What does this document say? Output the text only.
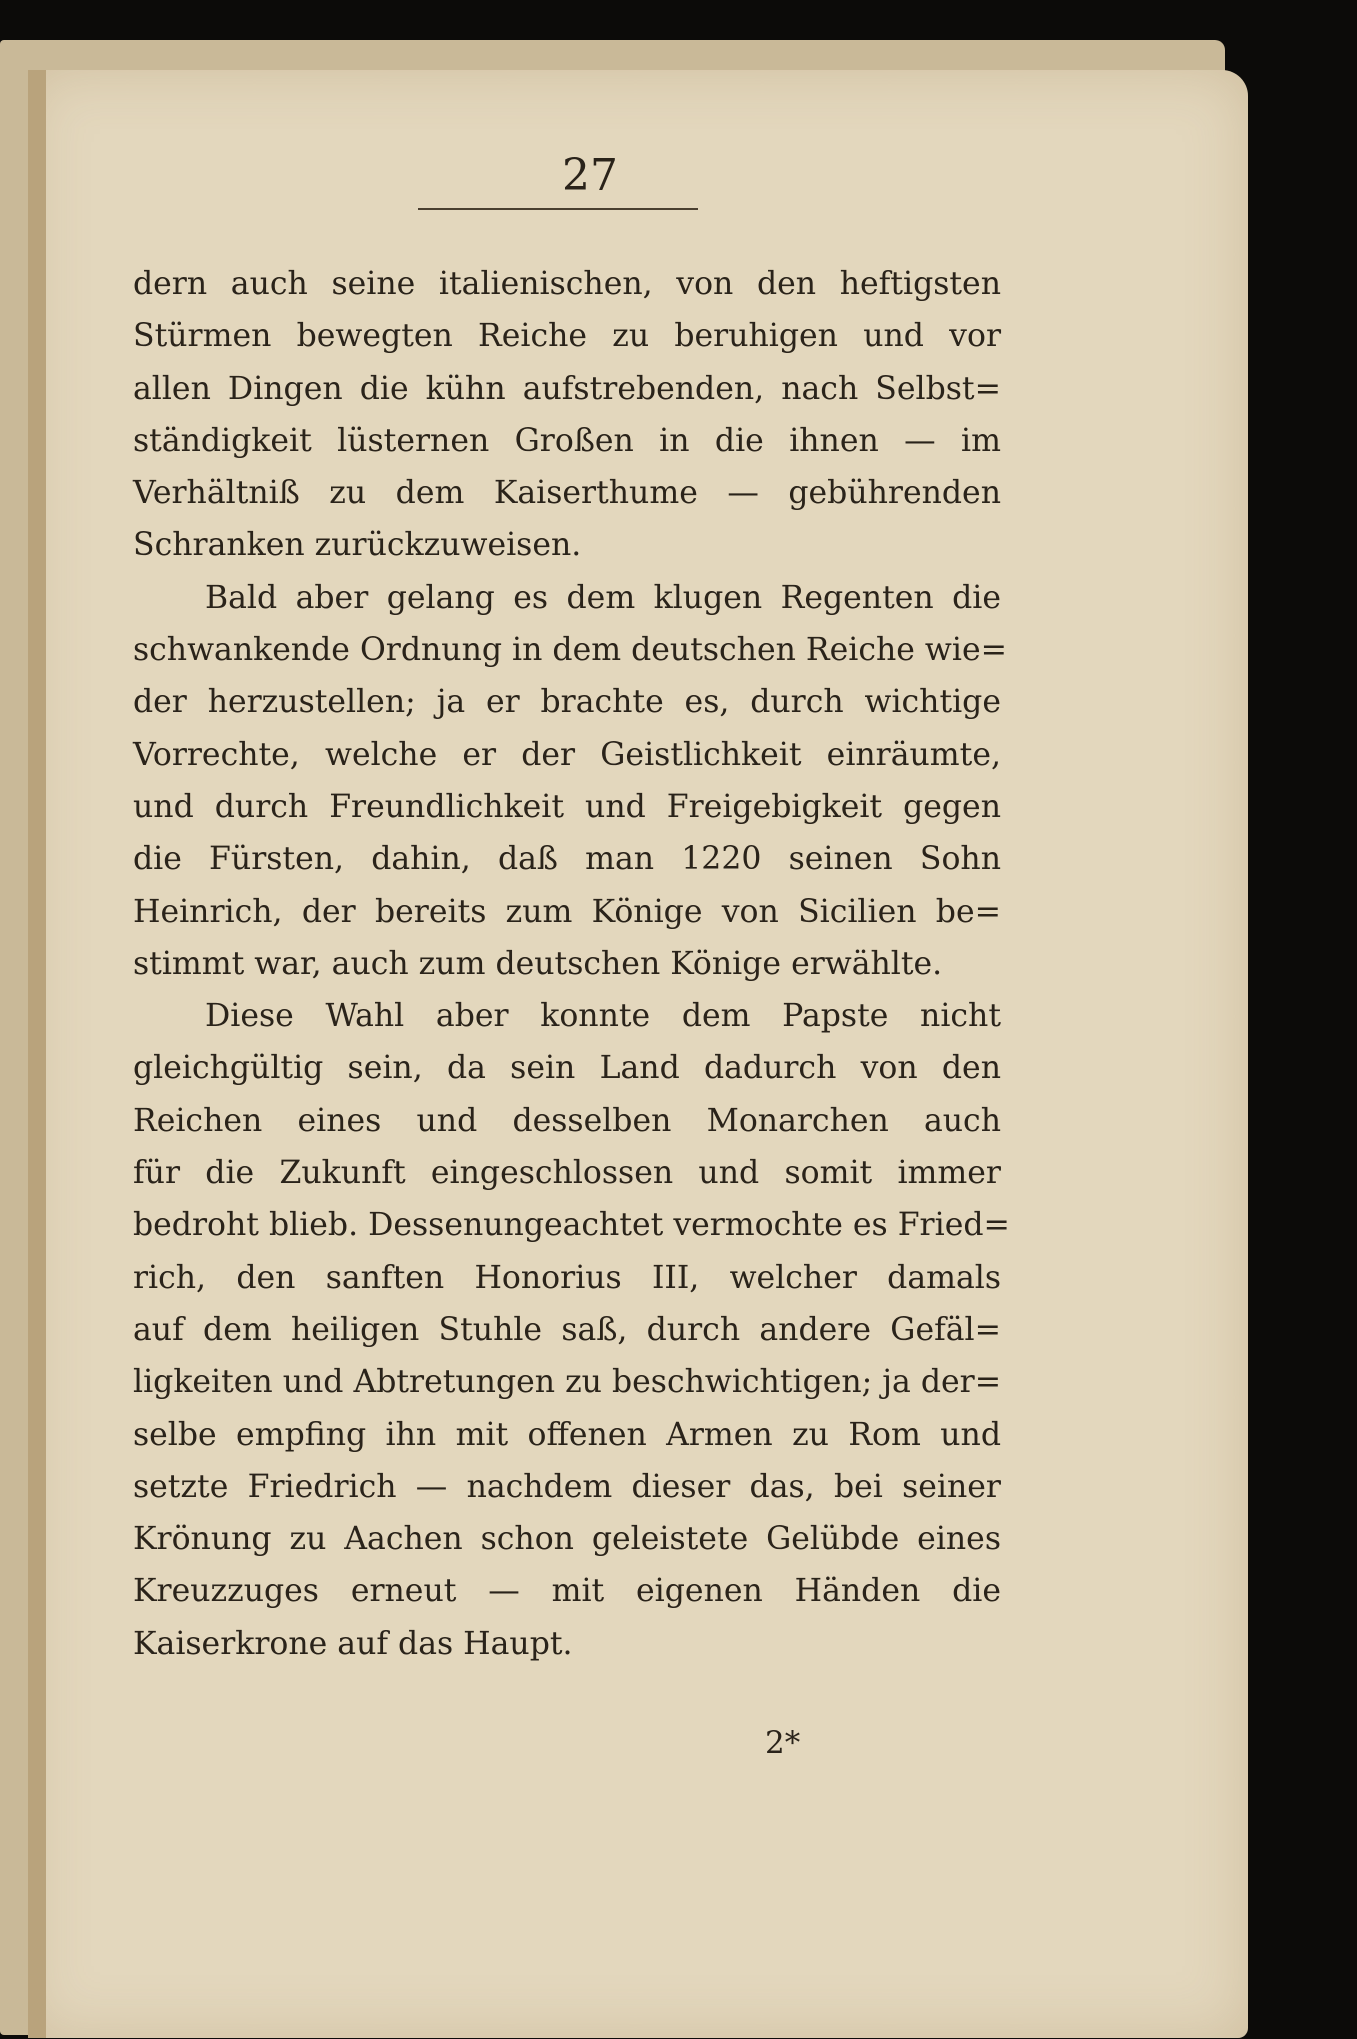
27
dern auch seine italienischen, von den heftigsten
Stürmen bewegten Reiche zu beruhigen und vor
allen Dingen die kühn aufstrebenden, nach Selbst=
ständigkeit lüsternen Großen in die ihnen — im
Verhältniß zu dem Kaiserthume — gebührenden
Schranken zurückzuweisen.
Bald aber gelang es dem klugen Regenten die
schwankende Ordnung in dem deutschen Reiche wie=
der herzustellen; ja er brachte es, durch wichtige
Vorrechte, welche er der Geistlichkeit einräumte,
und durch Freundlichkeit und Freigebigkeit gegen
die Fürsten, dahin, daß man 1220 seinen Sohn
Heinrich, der bereits zum Könige von Sicilien be=
stimmt war, auch zum deutschen Könige erwählte.
Diese Wahl aber konnte dem Papste nicht
gleichgültig sein, da sein Land dadurch von den
Reichen eines und desselben Monarchen auch
für die Zukunft eingeschlossen und somit immer
bedroht blieb. Dessenungeachtet vermochte es Fried=
rich, den sanften Honorius III, welcher damals
auf dem heiligen Stuhle saß, durch andere Gefäl=
ligkeiten und Abtretungen zu beschwichtigen; ja der=
selbe empfing ihn mit offenen Armen zu Rom und
setzte Friedrich — nachdem dieser das, bei seiner
Krönung zu Aachen schon geleistete Gelübde eines
Kreuzzuges erneut — mit eigenen Händen die
Kaiserkrone auf das Haupt.
2*
